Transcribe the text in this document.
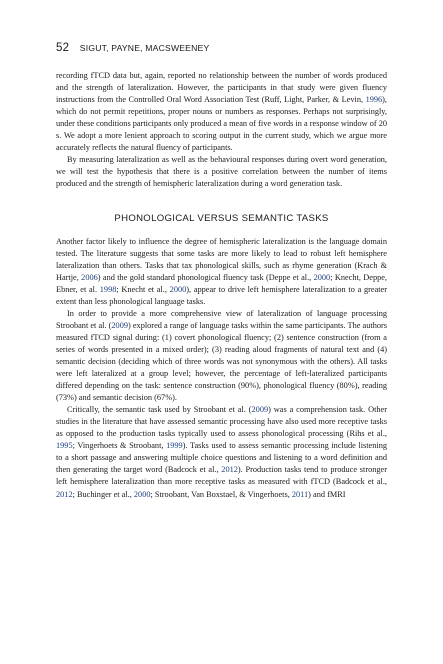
52 SIGUT, PAYNE, MACSWEENEY

recording fTCD data but, again, reported no relationship between the number of words produced and the strength of lateralization. However, the participants in that study were given fluency instructions from the Controlled Oral Word Association Test (Ruff, Light, Parker, & Levin, 1996), which do not permit repetitions, proper nouns or numbers as responses. Perhaps not surprisingly, under these conditions participants only produced a mean of five words in a response window of 20 s. We adopt a more lenient approach to scoring output in the current study, which we argue more accurately reflects the natural fluency of participants.

By measuring lateralization as well as the behavioural responses during overt word generation, we will test the hypothesis that there is a positive correlation between the number of items produced and the strength of hemispheric lateralization during a word generation task.

PHONOLOGICAL VERSUS SEMANTIC TASKS

Another factor likely to influence the degree of hemispheric lateralization is the language domain tested. The literature suggests that some tasks are more likely to lead to robust left hemisphere lateralization than others. Tasks that tax phonological skills, such as rhyme generation (Krach & Hartje, 2006) and the gold standard phonological fluency task (Deppe et al., 2000; Knecht, Deppe, Ebner, et al. 1998; Knecht et al., 2000), appear to drive left hemisphere lateralization to a greater extent than less phonological language tasks.

In order to provide a more comprehensive view of lateralization of language processing Stroobant et al. (2009) explored a range of language tasks within the same participants. The authors measured fTCD signal during: (1) covert phonological fluency; (2) sentence construction (from a series of words presented in a mixed order); (3) reading aloud fragments of natural text and (4) semantic decision (deciding which of three words was not synonymous with the others). All tasks were left lateralized at a group level; however, the percentage of left-lateralized participants differed depending on the task: sentence construction (90%), phonological fluency (80%), reading (73%) and semantic decision (67%).

Critically, the semantic task used by Stroobant et al. (2009) was a comprehension task. Other studies in the literature that have assessed semantic processing have also used more receptive tasks as opposed to the production tasks typically used to assess phonological processing (Rihs et al., 1995; Vingerhoets & Stroobant, 1999). Tasks used to assess semantic processing include listening to a short passage and answering multiple choice questions and listening to a word definition and then generating the target word (Badcock et al., 2012). Production tasks tend to produce stronger left hemisphere lateralization than more receptive tasks as measured with fTCD (Badcock et al., 2012; Buchinger et al., 2000; Stroobant, Van Boxstael, & Vingerhoets, 2011) and fMRI
